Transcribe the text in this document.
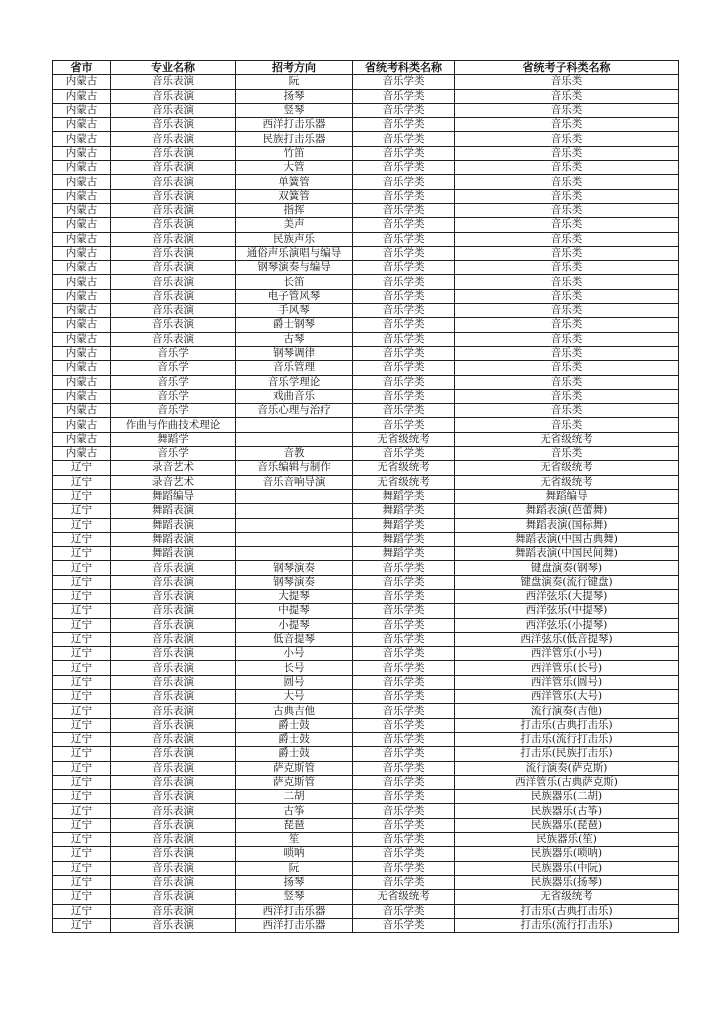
省市	专业名称	招考方向	省统考科类名称	省统考子科类名称
内蒙古	音乐表演	阮	音乐学类	音乐类
内蒙古	音乐表演	扬琴	音乐学类	音乐类
内蒙古	音乐表演	竖琴	音乐学类	音乐类
内蒙古	音乐表演	西洋打击乐器	音乐学类	音乐类
内蒙古	音乐表演	民族打击乐器	音乐学类	音乐类
内蒙古	音乐表演	竹笛	音乐学类	音乐类
内蒙古	音乐表演	大管	音乐学类	音乐类
内蒙古	音乐表演	单簧管	音乐学类	音乐类
内蒙古	音乐表演	双簧管	音乐学类	音乐类
内蒙古	音乐表演	指挥	音乐学类	音乐类
内蒙古	音乐表演	美声	音乐学类	音乐类
内蒙古	音乐表演	民族声乐	音乐学类	音乐类
内蒙古	音乐表演	通俗声乐演唱与编导	音乐学类	音乐类
内蒙古	音乐表演	钢琴演奏与编导	音乐学类	音乐类
内蒙古	音乐表演	长笛	音乐学类	音乐类
内蒙古	音乐表演	电子管风琴	音乐学类	音乐类
内蒙古	音乐表演	手风琴	音乐学类	音乐类
内蒙古	音乐表演	爵士钢琴	音乐学类	音乐类
内蒙古	音乐表演	古琴	音乐学类	音乐类
内蒙古	音乐学	钢琴调律	音乐学类	音乐类
内蒙古	音乐学	音乐管理	音乐学类	音乐类
内蒙古	音乐学	音乐学理论	音乐学类	音乐类
内蒙古	音乐学	戏曲音乐	音乐学类	音乐类
内蒙古	音乐学	音乐心理与治疗	音乐学类	音乐类
内蒙古	作曲与作曲技术理论		音乐学类	音乐类
内蒙古	舞蹈学		无省级统考	无省级统考
内蒙古	音乐学	音教	音乐学类	音乐类
辽宁	录音艺术	音乐编辑与制作	无省级统考	无省级统考
辽宁	录音艺术	音乐音响导演	无省级统考	无省级统考
辽宁	舞蹈编导		舞蹈学类	舞蹈编导
辽宁	舞蹈表演		舞蹈学类	舞蹈表演(芭蕾舞)
辽宁	舞蹈表演		舞蹈学类	舞蹈表演(国标舞)
辽宁	舞蹈表演		舞蹈学类	舞蹈表演(中国古典舞)
辽宁	舞蹈表演		舞蹈学类	舞蹈表演(中国民间舞)
辽宁	音乐表演	钢琴演奏	音乐学类	键盘演奏(钢琴)
辽宁	音乐表演	钢琴演奏	音乐学类	键盘演奏(流行键盘)
辽宁	音乐表演	大提琴	音乐学类	西洋弦乐(大提琴)
辽宁	音乐表演	中提琴	音乐学类	西洋弦乐(中提琴)
辽宁	音乐表演	小提琴	音乐学类	西洋弦乐(小提琴)
辽宁	音乐表演	低音提琴	音乐学类	西洋弦乐(低音提琴)
辽宁	音乐表演	小号	音乐学类	西洋管乐(小号)
辽宁	音乐表演	长号	音乐学类	西洋管乐(长号)
辽宁	音乐表演	圆号	音乐学类	西洋管乐(圆号)
辽宁	音乐表演	大号	音乐学类	西洋管乐(大号)
辽宁	音乐表演	古典吉他	音乐学类	流行演奏(吉他)
辽宁	音乐表演	爵士鼓	音乐学类	打击乐(古典打击乐)
辽宁	音乐表演	爵士鼓	音乐学类	打击乐(流行打击乐)
辽宁	音乐表演	爵士鼓	音乐学类	打击乐(民族打击乐)
辽宁	音乐表演	萨克斯管	音乐学类	流行演奏(萨克斯)
辽宁	音乐表演	萨克斯管	音乐学类	西洋管乐(古典萨克斯)
辽宁	音乐表演	二胡	音乐学类	民族器乐(二胡)
辽宁	音乐表演	古筝	音乐学类	民族器乐(古筝)
辽宁	音乐表演	琵琶	音乐学类	民族器乐(琵琶)
辽宁	音乐表演	笙	音乐学类	民族器乐(笙)
辽宁	音乐表演	唢呐	音乐学类	民族器乐(唢呐)
辽宁	音乐表演	阮	音乐学类	民族器乐(中阮)
辽宁	音乐表演	扬琴	音乐学类	民族器乐(扬琴)
辽宁	音乐表演	竖琴	无省级统考	无省级统考
辽宁	音乐表演	西洋打击乐器	音乐学类	打击乐(古典打击乐)
辽宁	音乐表演	西洋打击乐器	音乐学类	打击乐(流行打击乐)
